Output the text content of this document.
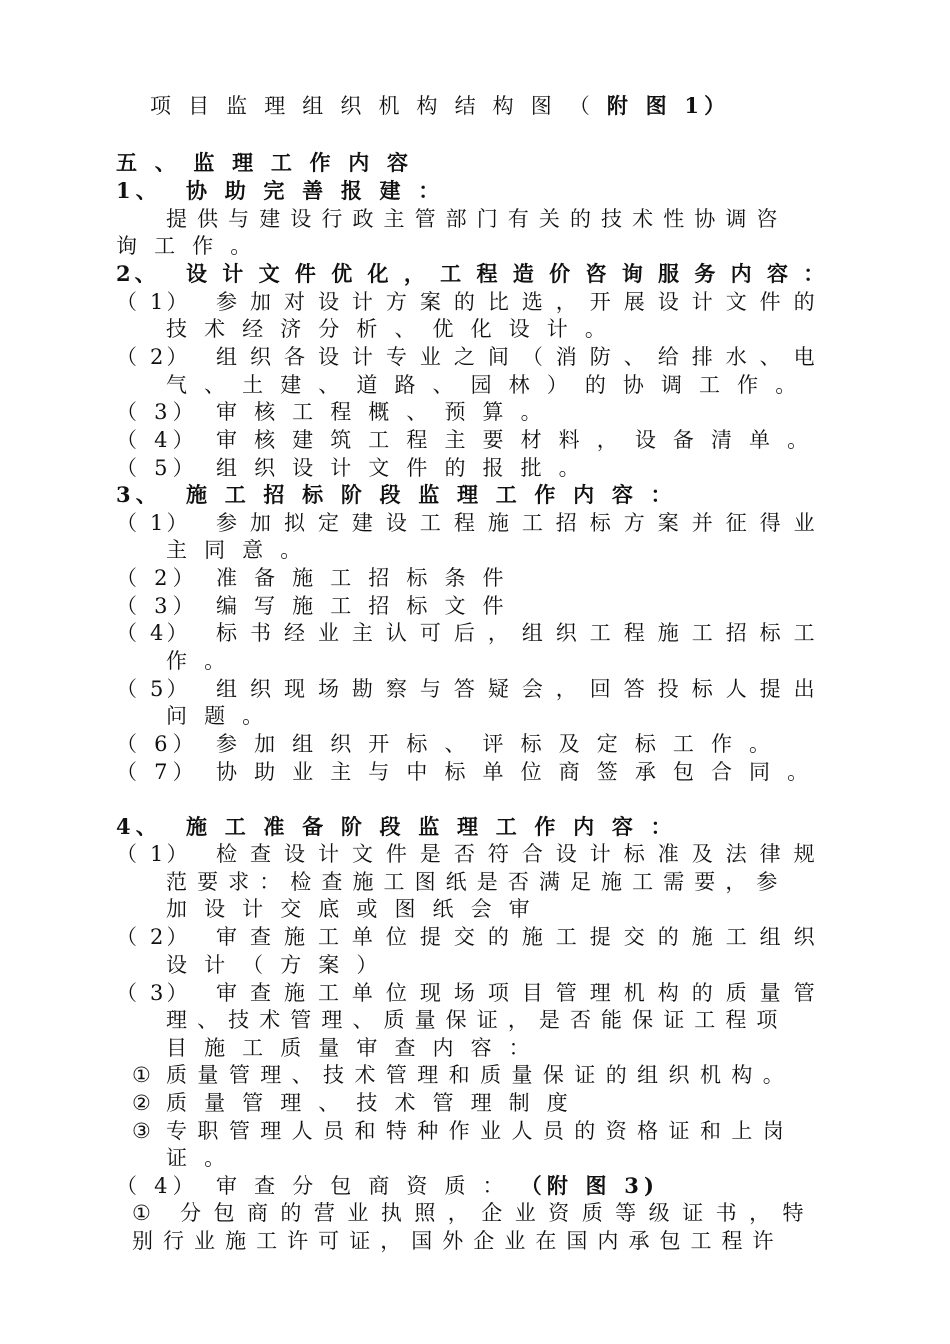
项 目 监 理 组 织 机 构 结 构 图 （ 附 图 1）
五 、 监 理 工 作 内 容
1、 协 助 完 善 报 建 ：
提 供 与 建 设 行 政 主 管 部 门 有 关 的 技 术 性 协 调 咨
询 工 作 。
2、 设 计 文 件 优 化 ， 工 程 造 价 咨 询 服 务 内 容 ：
（ 1） 参 加 对 设 计 方 案 的 比 选 ， 开 展 设 计 文 件 的
技 术 经 济 分 析 、 优 化 设 计 。
（ 2） 组 织 各 设 计 专 业 之 间 （ 消 防 、 给 排 水 、 电
气 、 土 建 、 道 路 、 园 林 ） 的 协 调 工 作 。
（ 3） 审 核 工 程 概 、 预 算 。
（ 4） 审 核 建 筑 工 程 主 要 材 料 ， 设 备 清 单 。
（ 5） 组 织 设 计 文 件 的 报 批 。
3、 施 工 招 标 阶 段 监 理 工 作 内 容 ：
（ 1） 参 加 拟 定 建 设 工 程 施 工 招 标 方 案 并 征 得 业
主 同 意 。
（ 2） 准 备 施 工 招 标 条 件
（ 3） 编 写 施 工 招 标 文 件
（ 4） 标 书 经 业 主 认 可 后 ， 组 织 工 程 施 工 招 标 工
作 。
（ 5） 组 织 现 场 勘 察 与 答 疑 会 ， 回 答 投 标 人 提 出
问 题 。
（ 6） 参 加 组 织 开 标 、 评 标 及 定 标 工 作 。
（ 7） 协 助 业 主 与 中 标 单 位 商 签 承 包 合 同 。
4、 施 工 准 备 阶 段 监 理 工 作 内 容 ：
（ 1） 检 查 设 计 文 件 是 否 符 合 设 计 标 准 及 法 律 规
范 要 求 ： 检 查 施 工 图 纸 是 否 满 足 施 工 需 要 ， 参
加 设 计 交 底 或 图 纸 会 审
（ 2） 审 查 施 工 单 位 提 交 的 施 工 提 交 的 施 工 组 织
设 计 （ 方 案 ）
（ 3） 审 查 施 工 单 位 现 场 项 目 管 理 机 构 的 质 量 管
理 、 技 术 管 理 、 质 量 保 证 ， 是 否 能 保 证 工 程 项
目 施 工 质 量 审 查 内 容 ：
① 质 量 管 理 、 技 术 管 理 和 质 量 保 证 的 组 织 机 构 。
② 质 量 管 理 、 技 术 管 理 制 度
③ 专 职 管 理 人 员 和 特 种 作 业 人 员 的 资 格 证 和 上 岗
证 。
（ 4） 审 查 分 包 商 资 质 ： （附 图 3)
① 分 包 商 的 营 业 执 照 ， 企 业 资 质 等 级 证 书 ， 特
别 行 业 施 工 许 可 证 ， 国 外 企 业 在 国 内 承 包 工 程 许
